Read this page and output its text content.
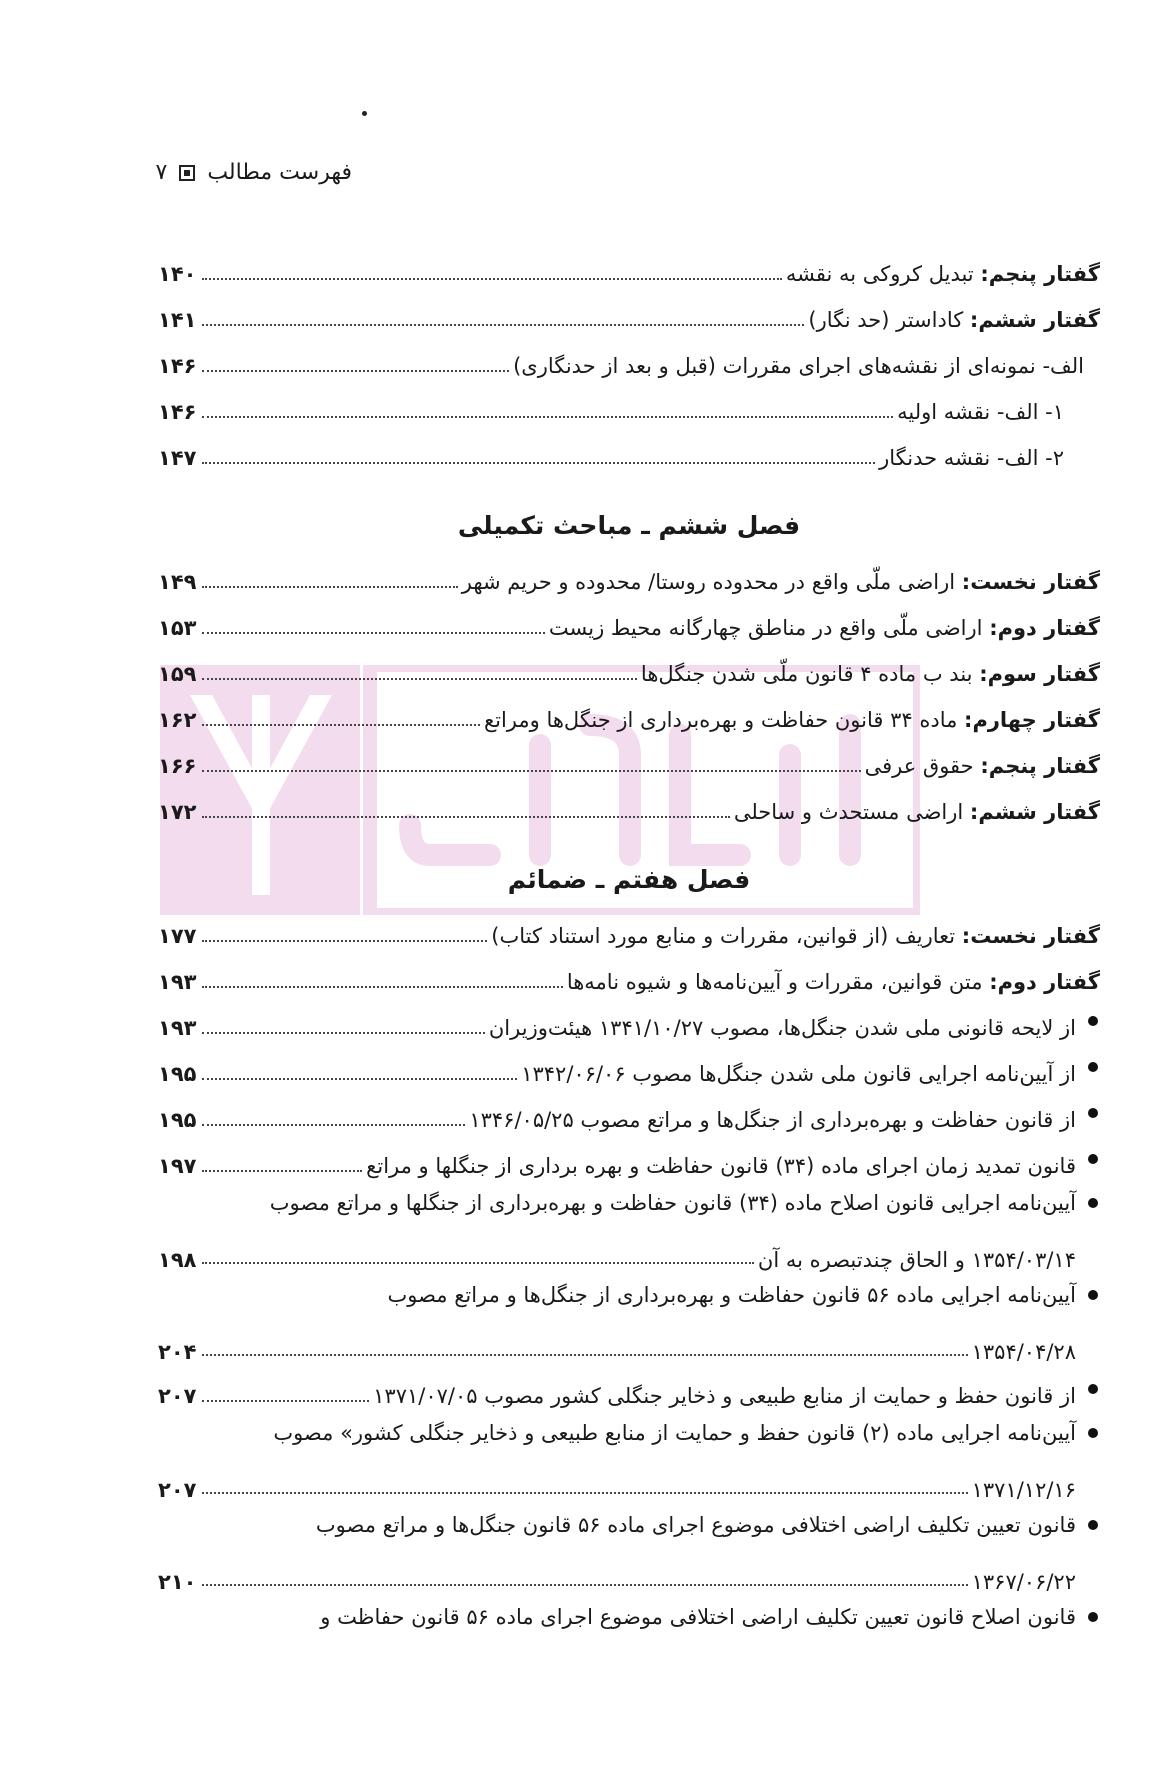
فهرست مطالب
۷
گفتار پنجم: تبدیل کروکی به نقشه
۱۴۰
گفتار ششم: کاداستر (حد نگار)
۱۴۱
الف- نمونه‌ای از نقشه‌های اجرای مقررات (قبل و بعد از حدنگاری)
۱۴۶
۱- الف- نقشه اولیه
۱۴۶
۲- الف- نقشه حدنگار
۱۴۷
فصل ششم ـ مباحث تکمیلی
گفتار نخست: اراضی ملّی واقع در محدوده روستا/ محدوده و حریم شهر
۱۴۹
گفتار دوم: اراضی ملّی واقع در مناطق چهارگانه محیط زیست
۱۵۳
گفتار سوم: بند ب ماده ۴ قانون ملّی شدن جنگل‌ها
۱۵۹
گفتار چهارم: ماده ۳۴ قانون حفاظت و بهره‌برداری از جنگل‌ها ومراتع
۱۶۲
گفتار پنجم: حقوق عرفی
۱۶۶
گفتار ششم: اراضی مستحدث و ساحلی
۱۷۲
فصل هفتم ـ ضمائم
گفتار نخست: تعاریف (از قوانین، مقررات و منابع مورد استناد کتاب)
۱۷۷
گفتار دوم: متن قوانین، مقررات و آیین‌نامه‌ها و شیوه نامه‌ها
۱۹۳
از لایحه قانونی ملی شدن جنگل‌ها، مصوب ۱۳۴۱/۱۰/۲۷ هیئت‌وزیران
۱۹۳
از آیین‌نامه اجرایی قانون ملی شدن جنگل‌ها مصوب ۱۳۴۲/۰۶/۰۶
۱۹۵
از قانون حفاظت و بهره‌برداری از جنگل‌ها و مراتع مصوب ۱۳۴۶/۰۵/۲۵
۱۹۵
قانون تمدید زمان اجرای ماده (۳۴) قانون حفاظت و بهره برداری از جنگلها و مراتع
۱۹۷
آیین‌نامه اجرایی قانون اصلاح ماده (۳۴) قانون حفاظت و بهره‌برداری از جنگلها و مراتع مصوب
۱۳۵۴/۰۳/۱۴ و الحاق چندتبصره به آن
۱۹۸
آیین‌نامه اجرایی ماده ۵۶ قانون حفاظت و بهره‌برداری از جنگل‌ها و مراتع مصوب
۱۳۵۴/۰۴/۲۸
۲۰۴
از قانون حفظ و حمایت از منابع طبیعی و ذخایر جنگلی کشور مصوب ۱۳۷۱/۰۷/۰۵
۲۰۷
آیین‌نامه اجرایی ماده (۲) قانون حفظ و حمایت از منابع طبیعی و ذخایر جنگلی کشور» مصوب
۱۳۷۱/۱۲/۱۶
۲۰۷
قانون تعیین تکلیف اراضی اختلافی موضوع اجرای ماده ۵۶ قانون جنگل‌ها و مراتع مصوب
۱۳۶۷/۰۶/۲۲
۲۱۰
قانون اصلاح قانون تعیین تکلیف اراضی اختلافی موضوع اجرای ماده ۵۶ قانون حفاظت و
